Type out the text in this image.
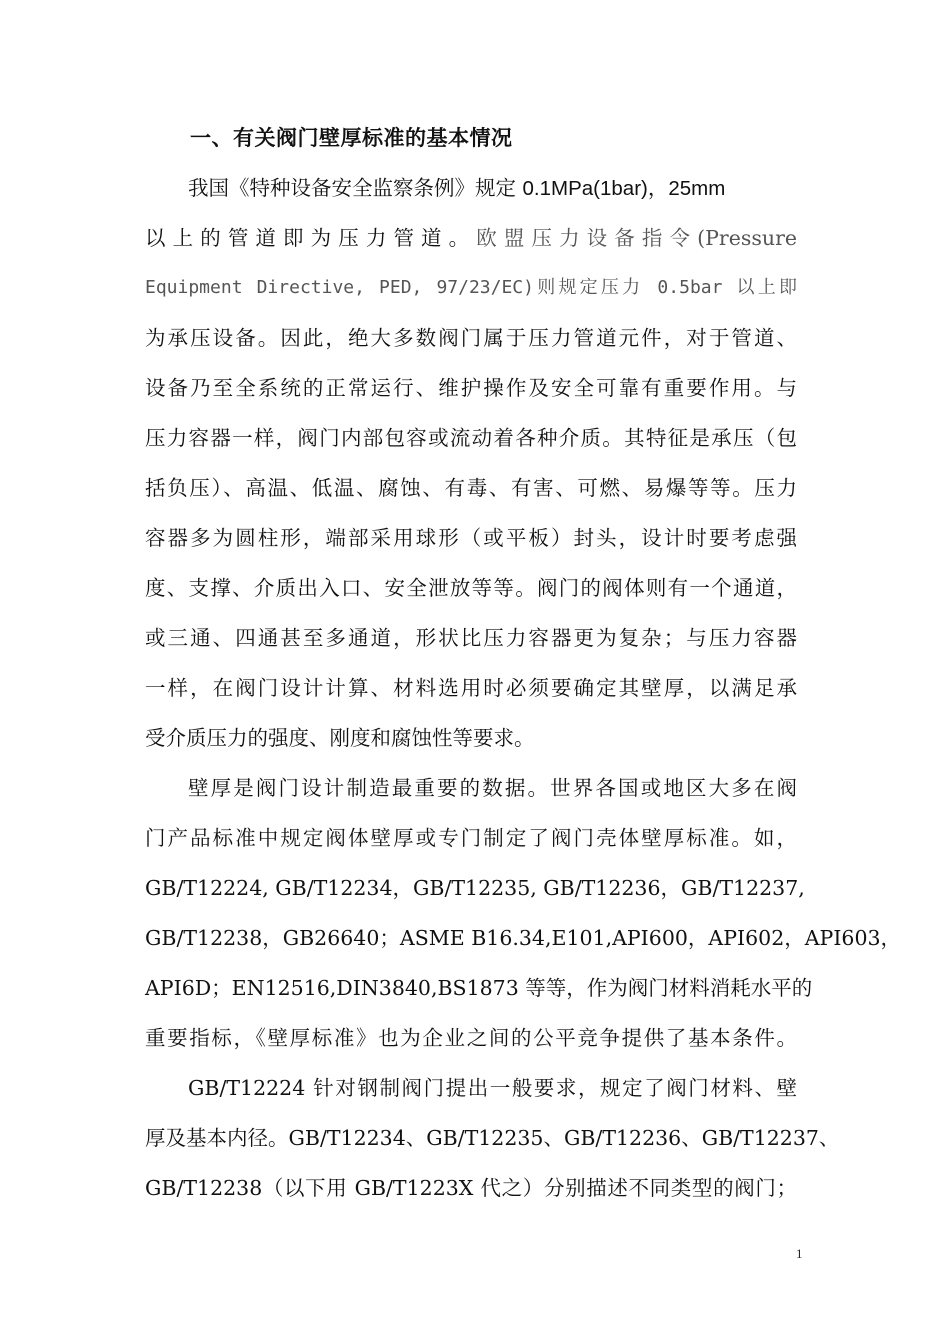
一、有关阀门壁厚标准的基本情况
我国《特种设备安全监察条例》规定 0.1MPa(1bar)，25mm
以上的管道即为压力管道。欧盟压力设备指令(Pressure
Equipment Directive, PED, 97/23/EC)则规定压力 0.5bar 以上即
为承压设备。因此，绝大多数阀门属于压力管道元件，对于管道、
设备乃至全系统的正常运行、维护操作及安全可靠有重要作用。与
压力容器一样，阀门内部包容或流动着各种介质。其特征是承压（包
括负压）、高温、低温、腐蚀、有毒、有害、可燃、易爆等等。压力
容器多为圆柱形，端部采用球形（或平板）封头，设计时要考虑强
度、支撑、介质出入口、安全泄放等等。阀门的阀体则有一个通道，
或三通、四通甚至多通道，形状比压力容器更为复杂；与压力容器
一样，在阀门设计计算、材料选用时必须要确定其壁厚，以满足承
受介质压力的强度、刚度和腐蚀性等要求。
壁厚是阀门设计制造最重要的数据。世界各国或地区大多在阀
门产品标准中规定阀体壁厚或专门制定了阀门壳体壁厚标准。如，
GB/T12224, GB/T12234，GB/T12235, GB/T12236，GB/T12237,
GB/T12238，GB26640；ASME B16.34,E101,API600，API602，API603，
API6D；EN12516,DIN3840,BS1873 等等，作为阀门材料消耗水平的
重要指标，《壁厚标准》也为企业之间的公平竞争提供了基本条件。
GB/T12224 针对钢制阀门提出一般要求，规定了阀门材料、壁
厚及基本内径。GB/T12234、GB/T12235、GB/T12236、GB/T12237、
GB/T12238（以下用 GB/T1223X 代之）分别描述不同类型的阀门；
1
